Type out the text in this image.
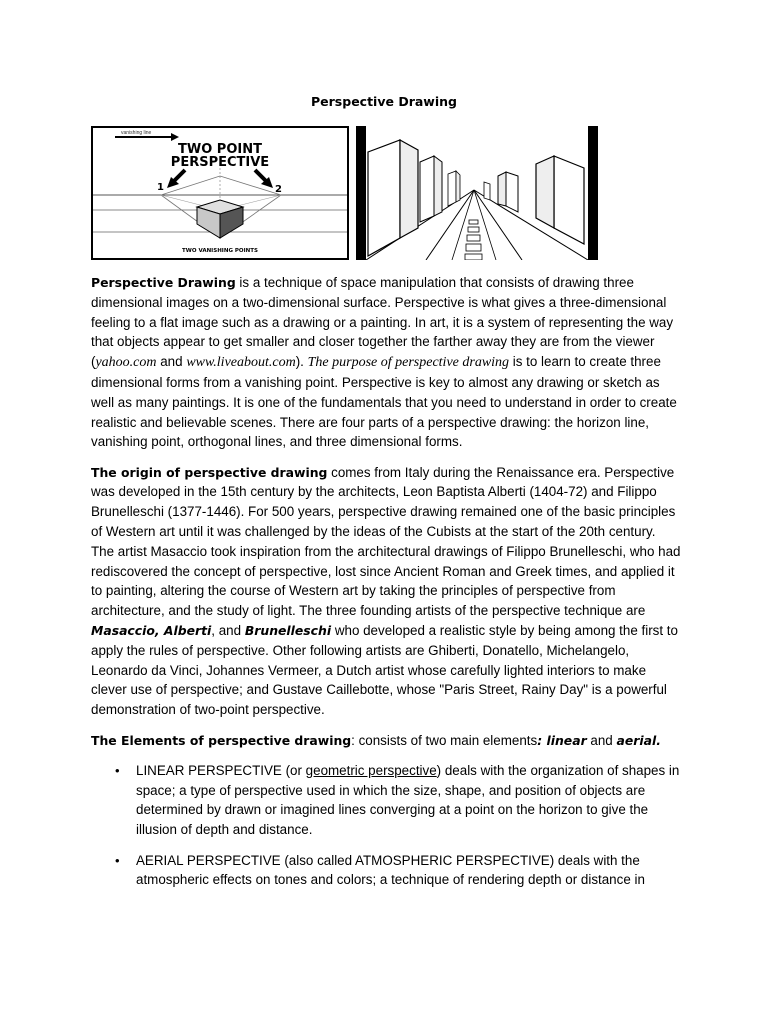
Perspective Drawing
vanishing line
TWO POINT
PERSPECTIVE
1	2
TWO VANISHING POINTS

Perspective Drawing is a technique of space manipulation that consists of drawing three dimensional images on a two-dimensional surface. Perspective is what gives a three-dimensional feeling to a flat image such as a drawing or a painting. In art, it is a system of representing the way that objects appear to get smaller and closer together the farther away they are from the viewer (yahoo.com and www.liveabout.com). The purpose of perspective drawing is to learn to create three dimensional forms from a vanishing point. Perspective is key to almost any drawing or sketch as well as many paintings. It is one of the fundamentals that you need to understand in order to create realistic and believable scenes. There are four parts of a perspective drawing: the horizon line, vanishing point, orthogonal lines, and three dimensional forms.

The origin of perspective drawing comes from Italy during the Renaissance era. Perspective was developed in the 15th century by the architects, Leon Baptista Alberti (1404-72) and Filippo Brunelleschi (1377-1446). For 500 years, perspective drawing remained one of the basic principles of Western art until it was challenged by the ideas of the Cubists at the start of the 20th century. The artist Masaccio took inspiration from the architectural drawings of Filippo Brunelleschi, who had rediscovered the concept of perspective, lost since Ancient Roman and Greek times, and applied it to painting, altering the course of Western art by taking the principles of perspective from architecture, and the study of light. The three founding artists of the perspective technique are Masaccio, Alberti, and Brunelleschi who developed a realistic style by being among the first to apply the rules of perspective. Other following artists are Ghiberti, Donatello, Michelangelo, Leonardo da Vinci, Johannes Vermeer, a Dutch artist whose carefully lighted interiors to make clever use of perspective; and Gustave Caillebotte, whose "Paris Street, Rainy Day" is a powerful demonstration of two-point perspective.

The Elements of perspective drawing: consists of two main elements: linear and aerial.

• LINEAR PERSPECTIVE (or geometric perspective) deals with the organization of shapes in space; a type of perspective used in which the size, shape, and position of objects are determined by drawn or imagined lines converging at a point on the horizon to give the illusion of depth and distance.
• AERIAL PERSPECTIVE (also called ATMOSPHERIC PERSPECTIVE) deals with the atmospheric effects on tones and colors; a technique of rendering depth or distance in
